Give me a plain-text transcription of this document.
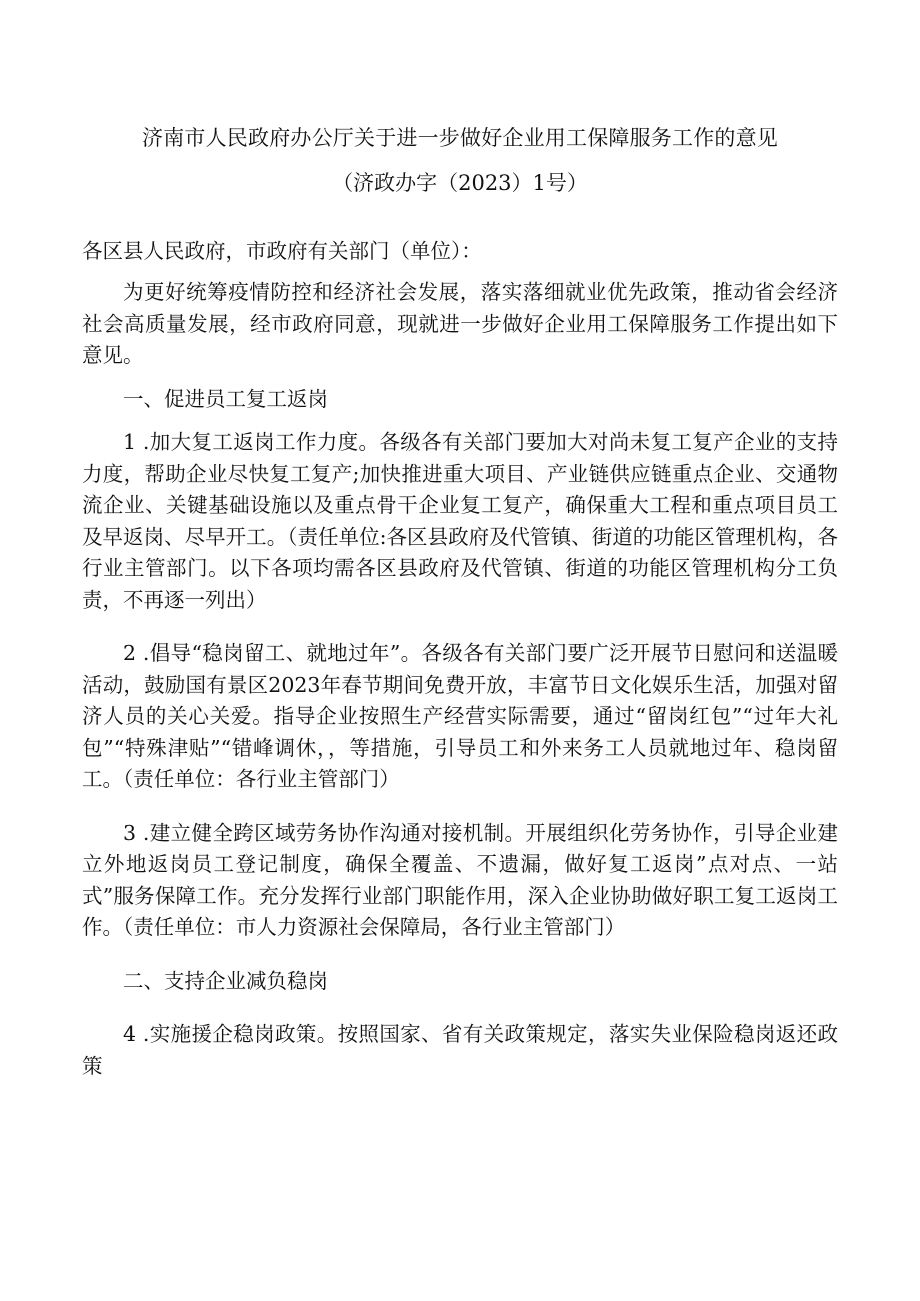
济南市人民政府办公厅关于进一步做好企业用工保障服务工作的意见

（济政办字（2023）1号）

各区县人民政府，市政府有关部门（单位）：

为更好统筹疫情防控和经济社会发展，落实落细就业优先政策，推动省会经济社会高质量发展，经市政府同意，现就进一步做好企业用工保障服务工作提出如下意见。

一、促进员工复工返岗

1 .加大复工返岗工作力度。各级各有关部门要加大对尚未复工复产企业的支持力度，帮助企业尽快复工复产;加快推进重大项目、产业链供应链重点企业、交通物流企业、关键基础设施以及重点骨干企业复工复产，确保重大工程和重点项目员工及早返岗、尽早开工。（责任单位:各区县政府及代管镇、街道的功能区管理机构，各行业主管部门。以下各项均需各区县政府及代管镇、街道的功能区管理机构分工负责，不再逐一列出）

2 .倡导“稳岗留工、就地过年”。各级各有关部门要广泛开展节日慰问和送温暖活动，鼓励国有景区2023年春节期间免费开放，丰富节日文化娱乐生活，加强对留济人员的关心关爱。指导企业按照生产经营实际需要，通过“留岗红包”“过年大礼包”“特殊津贴”“错峰调休，，等措施，引导员工和外来务工人员就地过年、稳岗留工。（责任单位：各行业主管部门）

3 .建立健全跨区域劳务协作沟通对接机制。开展组织化劳务协作，引导企业建立外地返岗员工登记制度，确保全覆盖、不遗漏，做好复工返岗”点对点、一站式”服务保障工作。充分发挥行业部门职能作用，深入企业协助做好职工复工返岗工作。（责任单位：市人力资源社会保障局，各行业主管部门）

二、支持企业减负稳岗

4 .实施援企稳岗政策。按照国家、省有关政策规定，落实失业保险稳岗返还政策
